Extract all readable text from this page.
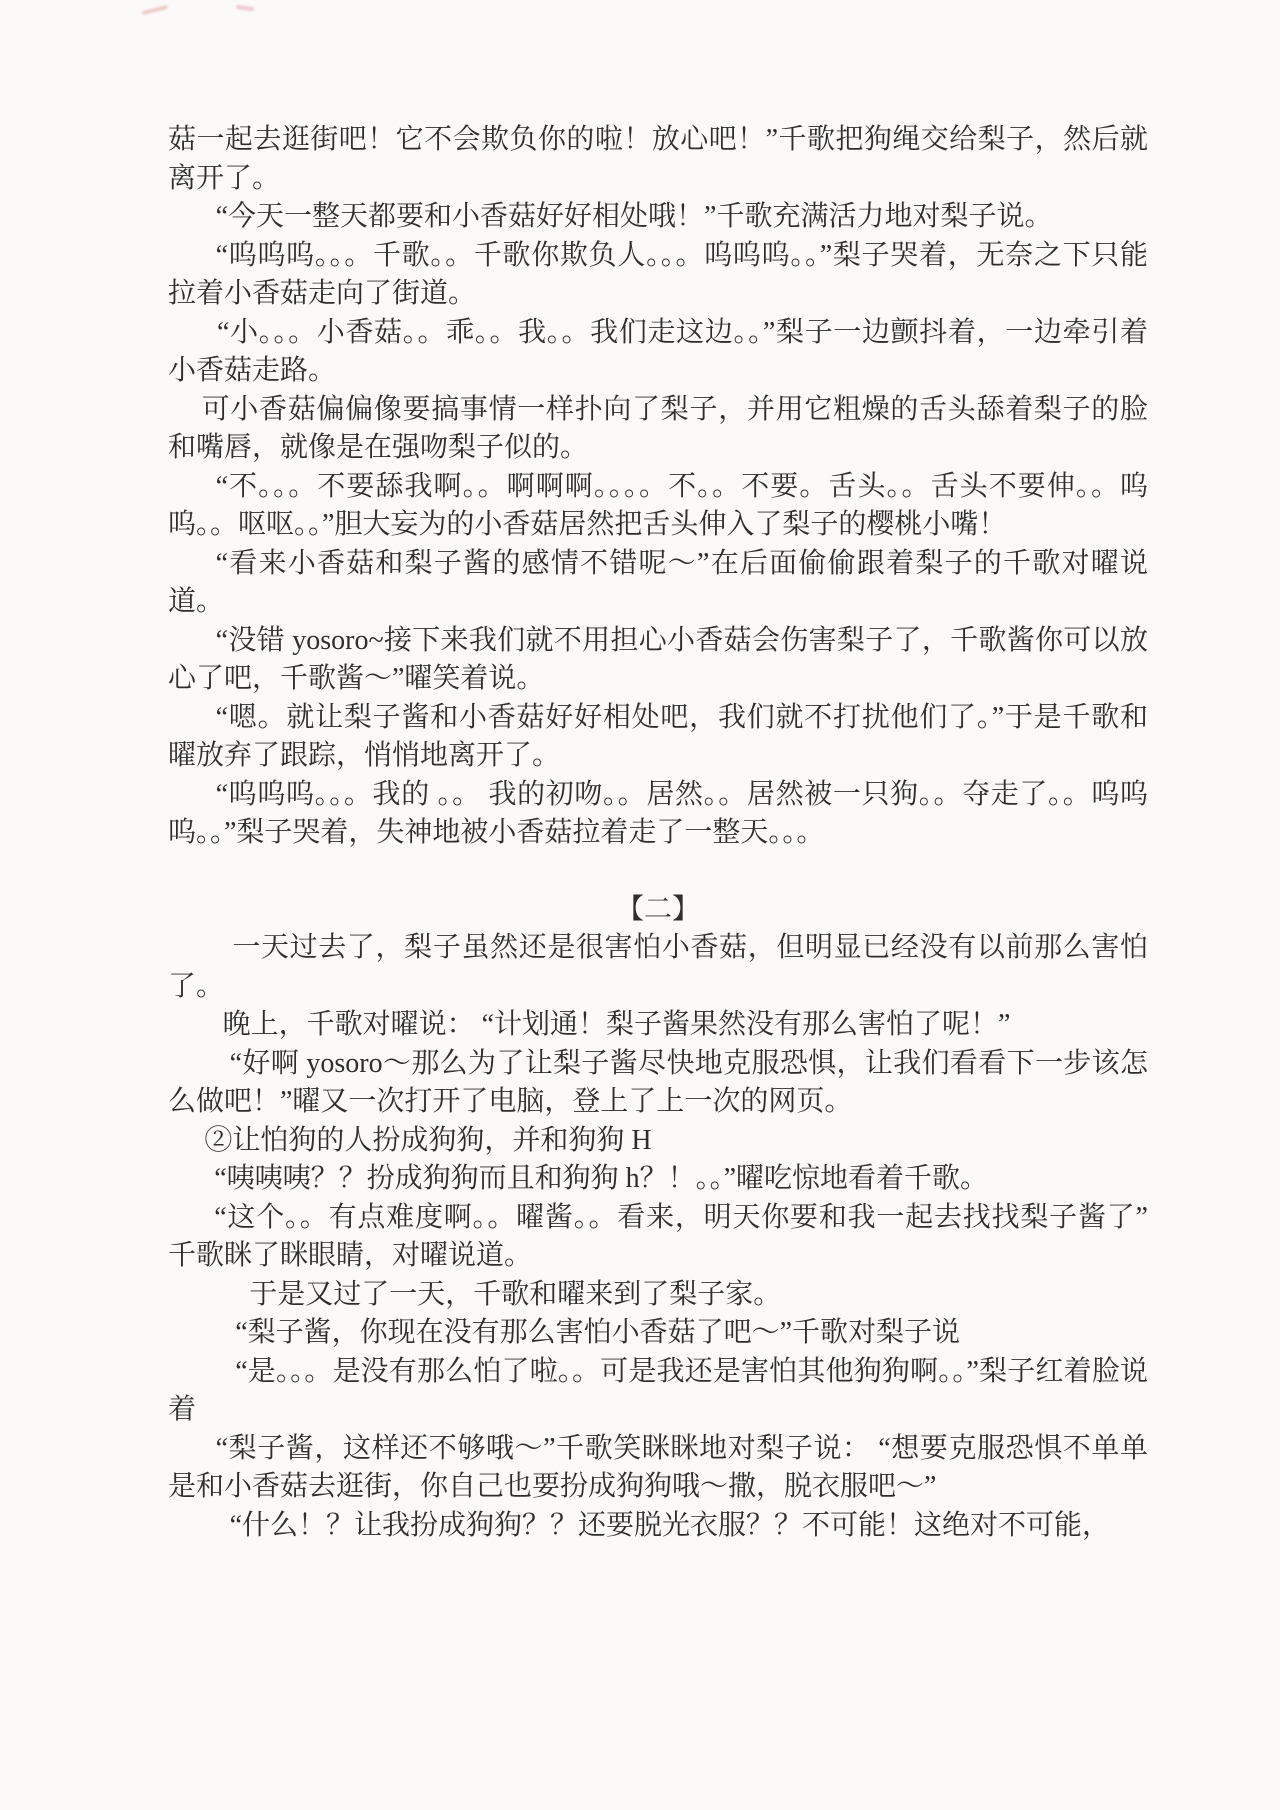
菇一起去逛街吧！它不会欺负你的啦！放心吧！”千歌把狗绳交给梨子，然后就离开了。

“今天一整天都要和小香菇好好相处哦！”千歌充满活力地对梨子说。

“呜呜呜。。。千歌。。千歌你欺负人。。。呜呜呜。。”梨子哭着，无奈之下只能拉着小香菇走向了街道。

“小。。。小香菇。。乖。。我。。我们走这边。。”梨子一边颤抖着，一边牵引着小香菇走路。

可小香菇偏偏像要搞事情一样扑向了梨子，并用它粗燥的舌头舔着梨子的脸和嘴唇，就像是在强吻梨子似的。

“不。。。不要舔我啊。。啊啊啊。。。。不。。不要。舌头。。舌头不要伸。。呜呜。。呕呕。。”胆大妄为的小香菇居然把舌头伸入了梨子的樱桃小嘴！

“看来小香菇和梨子酱的感情不错呢～”在后面偷偷跟着梨子的千歌对曜说道。

“没错 yosoro~接下来我们就不用担心小香菇会伤害梨子了，千歌酱你可以放心了吧，千歌酱～”曜笑着说。

“嗯。就让梨子酱和小香菇好好相处吧，我们就不打扰他们了。”于是千歌和曜放弃了跟踪，悄悄地离开了。

“呜呜呜。。。我的 。。 我的初吻。。居然。。居然被一只狗。。夺走了。。呜呜呜。。”梨子哭着，失神地被小香菇拉着走了一整天。。。

【二】

一天过去了，梨子虽然还是很害怕小香菇，但明显已经没有以前那么害怕了。

晚上，千歌对曜说： “计划通！梨子酱果然没有那么害怕了呢！”

“好啊 yosoro～那么为了让梨子酱尽快地克服恐惧，让我们看看下一步该怎么做吧！”曜又一次打开了电脑，登上了上一次的网页。

②让怕狗的人扮成狗狗，并和狗狗 H

“咦咦咦？？扮成狗狗而且和狗狗 h？！。。”曜吃惊地看着千歌。

“这个。。有点难度啊。。曜酱。。看来，明天你要和我一起去找找梨子酱了”千歌眯了眯眼睛，对曜说道。

于是又过了一天，千歌和曜来到了梨子家。

“梨子酱，你现在没有那么害怕小香菇了吧～”千歌对梨子说

“是。。。是没有那么怕了啦。。可是我还是害怕其他狗狗啊。。”梨子红着脸说着

“梨子酱，这样还不够哦～”千歌笑眯眯地对梨子说： “想要克服恐惧不单单是和小香菇去逛街，你自己也要扮成狗狗哦～撒，脱衣服吧～”

“什么！？让我扮成狗狗？？还要脱光衣服？？不可能！这绝对不可能，
